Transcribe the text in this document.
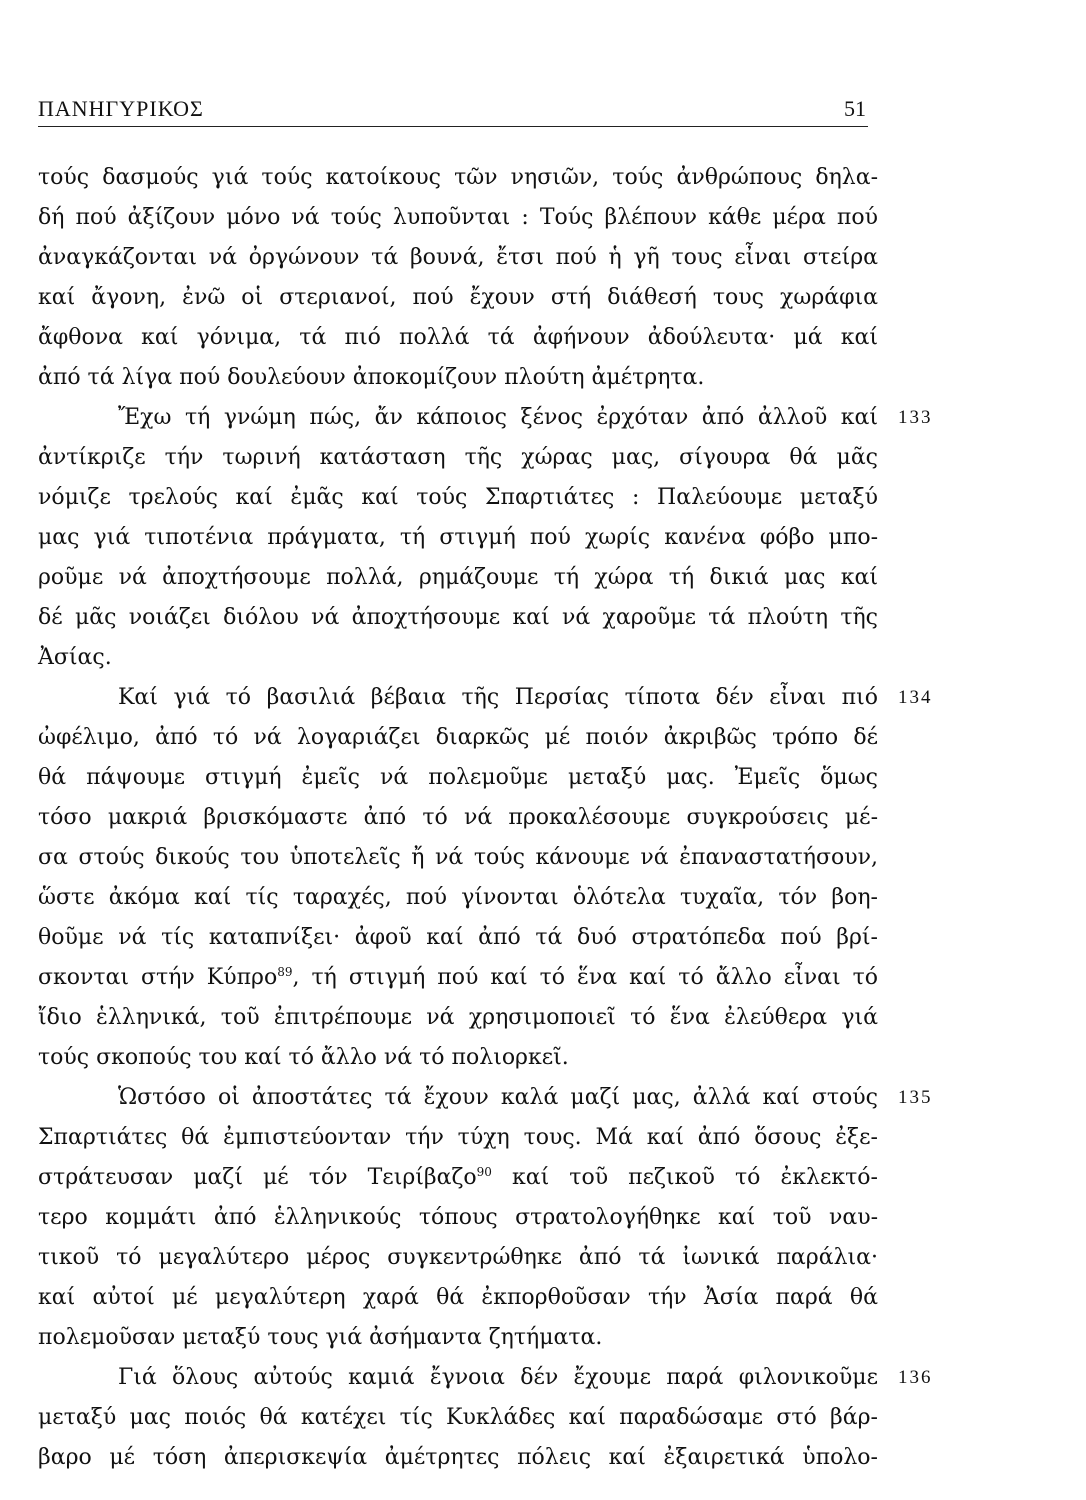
ΠΑΝΗΓΥΡΙΚΟΣ	51
τούς δασμούς γιά τούς κατοίκους τῶν νησιῶν, τούς ἀνθρώπους δηλα-
δή πού ἀξίζουν μόνο νά τούς λυποῦνται : Τούς βλέπουν κάθε μέρα πού
ἀναγκάζονται νά ὀργώνουν τά βουνά, ἔτσι πού ἡ γῆ τους εἶναι στείρα
καί ἄγονη, ἐνῶ οἱ στεριανοί, πού ἔχουν στή διάθεσή τους χωράφια
ἄφθονα καί γόνιμα, τά πιό πολλά τά ἀφήνουν ἀδούλευτα· μά καί
ἀπό τά λίγα πού δουλεύουν ἀποκομίζουν πλούτη ἀμέτρητα.
Ἔχω τή γνώμη πώς, ἄν κάποιος ξένος ἐρχόταν ἀπό ἀλλοῦ καί 133
ἀντίκριζε τήν τωρινή κατάσταση τῆς χώρας μας, σίγουρα θά μᾶς
νόμιζε τρελούς καί ἐμᾶς καί τούς Σπαρτιάτες : Παλεύουμε μεταξύ
μας γιά τιποτένια πράγματα, τή στιγμή πού χωρίς κανένα φόβο μπο-
ροῦμε νά ἀποχτήσουμε πολλά, ρημάζουμε τή χώρα τή δικιά μας καί
δέ μᾶς νοιάζει διόλου νά ἀποχτήσουμε καί νά χαροῦμε τά πλούτη τῆς
Ἀσίας.
Καί γιά τό βασιλιά βέβαια τῆς Περσίας τίποτα δέν εἶναι πιό 134
ὠφέλιμο, ἀπό τό νά λογαριάζει διαρκῶς μέ ποιόν ἀκριβῶς τρόπο δέ
θά πάψουμε στιγμή ἐμεῖς νά πολεμοῦμε μεταξύ μας. Ἐμεῖς ὅμως
τόσο μακριά βρισκόμαστε ἀπό τό νά προκαλέσουμε συγκρούσεις μέ-
σα στούς δικούς του ὑποτελεῖς ἤ νά τούς κάνουμε νά ἐπαναστατήσουν,
ὥστε ἀκόμα καί τίς ταραχές, πού γίνονται ὁλότελα τυχαῖα, τόν βοη-
θοῦμε νά τίς καταπνίξει· ἀφοῦ καί ἀπό τά δυό στρατόπεδα πού βρί-
σκονται στήν Κύπρο$^{89}$, τή στιγμή πού καί τό ἕνα καί τό ἄλλο εἶναι τό
ἴδιο ἑλληνικά, τοῦ ἐπιτρέπουμε νά χρησιμοποιεῖ τό ἕνα ἐλεύθερα γιά
τούς σκοπούς του καί τό ἄλλο νά τό πολιορκεῖ.
Ὡστόσο οἱ ἀποστάτες τά ἔχουν καλά μαζί μας, ἀλλά καί στούς 135
Σπαρτιάτες θά ἐμπιστεύονταν τήν τύχη τους. Μά καί ἀπό ὅσους ἐξε-
στράτευσαν μαζί μέ τόν Τειρίβαζο$^{90}$ καί τοῦ πεζικοῦ τό ἐκλεκτό-
τερο κομμάτι ἀπό ἑλληνικούς τόπους στρατολογήθηκε καί τοῦ ναυ-
τικοῦ τό μεγαλύτερο μέρος συγκεντρώθηκε ἀπό τά ἰωνικά παράλια·
καί αὐτοί μέ μεγαλύτερη χαρά θά ἐκπορθοῦσαν τήν Ἀσία παρά θά
πολεμοῦσαν μεταξύ τους γιά ἀσήμαντα ζητήματα.
Γιά ὅλους αὐτούς καμιά ἔγνοια δέν ἔχουμε παρά φιλονικοῦμε 136
μεταξύ μας ποιός θά κατέχει τίς Κυκλάδες καί παραδώσαμε στό βάρ-
βαρο μέ τόση ἀπερισκεψία ἀμέτρητες πόλεις καί ἐξαιρετικά ὑπολο-
